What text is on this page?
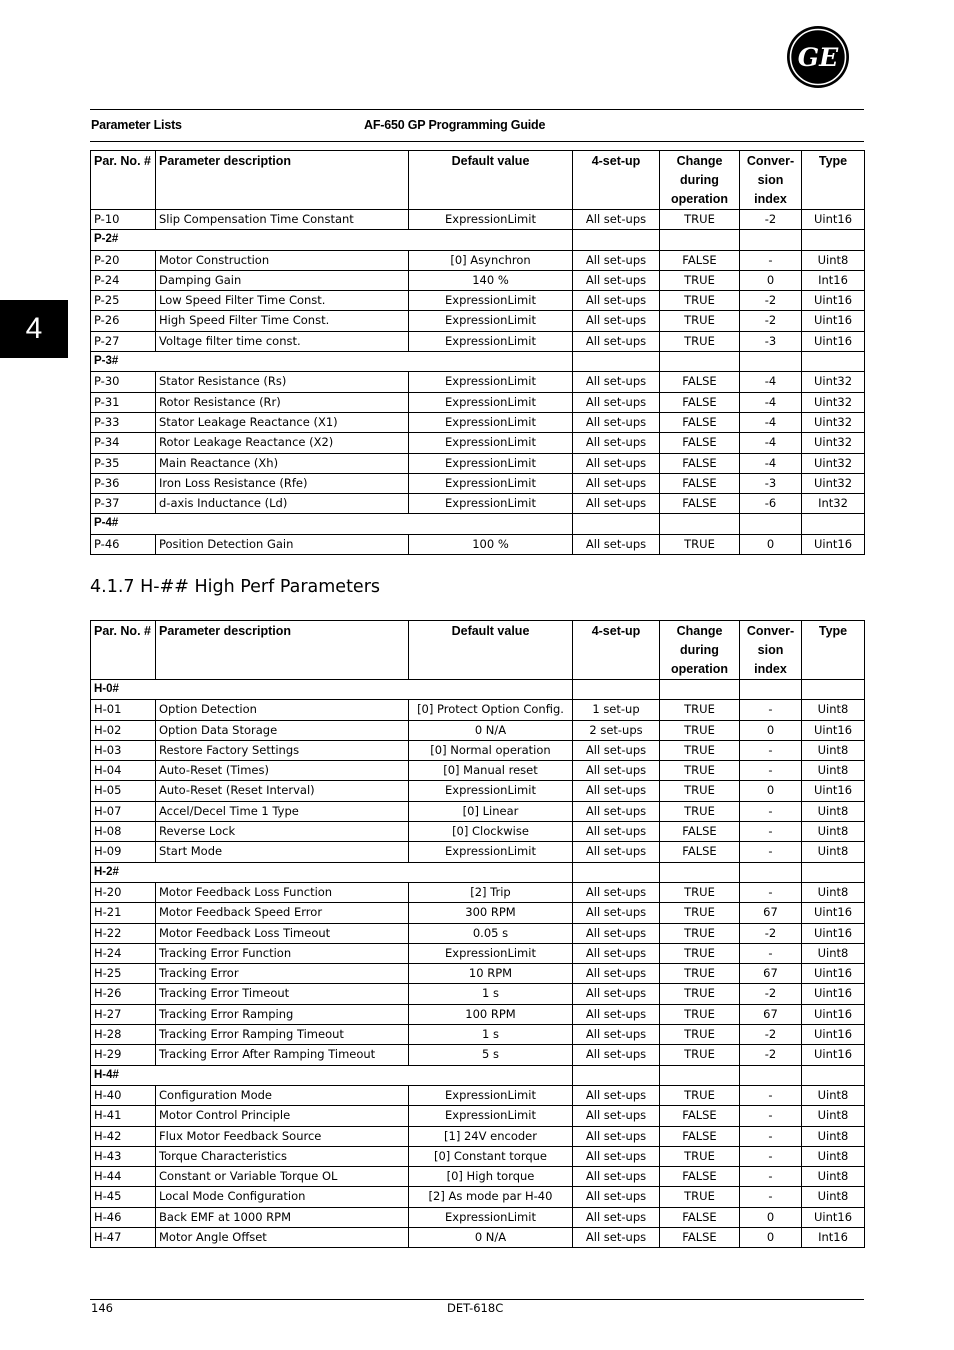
GE
Parameter Lists	AF-650 GP Programming Guide
4
Par. No. #	Parameter description	Default value	4-set-up	Change during operation	Conver-sion index	Type
P-10	Slip Compensation Time Constant	ExpressionLimit	All set-ups	TRUE	-2	Uint16
P-2#						
P-20	Motor Construction	[0] Asynchron	All set-ups	FALSE	-	Uint8
P-24	Damping Gain	140 %	All set-ups	TRUE	0	Int16
P-25	Low Speed Filter Time Const.	ExpressionLimit	All set-ups	TRUE	-2	Uint16
P-26	High Speed Filter Time Const.	ExpressionLimit	All set-ups	TRUE	-2	Uint16
P-27	Voltage filter time const.	ExpressionLimit	All set-ups	TRUE	-3	Uint16
P-3#						
P-30	Stator Resistance (Rs)	ExpressionLimit	All set-ups	FALSE	-4	Uint32
P-31	Rotor Resistance (Rr)	ExpressionLimit	All set-ups	FALSE	-4	Uint32
P-33	Stator Leakage Reactance (X1)	ExpressionLimit	All set-ups	FALSE	-4	Uint32
P-34	Rotor Leakage Reactance (X2)	ExpressionLimit	All set-ups	FALSE	-4	Uint32
P-35	Main Reactance (Xh)	ExpressionLimit	All set-ups	FALSE	-4	Uint32
P-36	Iron Loss Resistance (Rfe)	ExpressionLimit	All set-ups	FALSE	-3	Uint32
P-37	d-axis Inductance (Ld)	ExpressionLimit	All set-ups	FALSE	-6	Int32
P-4#						
P-46	Position Detection Gain	100 %	All set-ups	TRUE	0	Uint16
4.1.7 H-## High Perf Parameters
Par. No. #	Parameter description	Default value	4-set-up	Change during operation	Conver-sion index	Type
H-0#						
H-01	Option Detection	[0] Protect Option Config.	1 set-up	TRUE	-	Uint8
H-02	Option Data Storage	0 N/A	2 set-ups	TRUE	0	Uint16
H-03	Restore Factory Settings	[0] Normal operation	All set-ups	TRUE	-	Uint8
H-04	Auto-Reset (Times)	[0] Manual reset	All set-ups	TRUE	-	Uint8
H-05	Auto-Reset (Reset Interval)	ExpressionLimit	All set-ups	TRUE	0	Uint16
H-07	Accel/Decel Time 1 Type	[0] Linear	All set-ups	TRUE	-	Uint8
H-08	Reverse Lock	[0] Clockwise	All set-ups	FALSE	-	Uint8
H-09	Start Mode	ExpressionLimit	All set-ups	FALSE	-	Uint8
H-2#						
H-20	Motor Feedback Loss Function	[2] Trip	All set-ups	TRUE	-	Uint8
H-21	Motor Feedback Speed Error	300 RPM	All set-ups	TRUE	67	Uint16
H-22	Motor Feedback Loss Timeout	0.05 s	All set-ups	TRUE	-2	Uint16
H-24	Tracking Error Function	ExpressionLimit	All set-ups	TRUE	-	Uint8
H-25	Tracking Error	10 RPM	All set-ups	TRUE	67	Uint16
H-26	Tracking Error Timeout	1 s	All set-ups	TRUE	-2	Uint16
H-27	Tracking Error Ramping	100 RPM	All set-ups	TRUE	67	Uint16
H-28	Tracking Error Ramping Timeout	1 s	All set-ups	TRUE	-2	Uint16
H-29	Tracking Error After Ramping Timeout	5 s	All set-ups	TRUE	-2	Uint16
H-4#						
H-40	Configuration Mode	ExpressionLimit	All set-ups	TRUE	-	Uint8
H-41	Motor Control Principle	ExpressionLimit	All set-ups	FALSE	-	Uint8
H-42	Flux Motor Feedback Source	[1] 24V encoder	All set-ups	FALSE	-	Uint8
H-43	Torque Characteristics	[0] Constant torque	All set-ups	TRUE	-	Uint8
H-44	Constant or Variable Torque OL	[0] High torque	All set-ups	FALSE	-	Uint8
H-45	Local Mode Configuration	[2] As mode par H-40	All set-ups	TRUE	-	Uint8
H-46	Back EMF at 1000 RPM	ExpressionLimit	All set-ups	FALSE	0	Uint16
H-47	Motor Angle Offset	0 N/A	All set-ups	FALSE	0	Int16
146	DET-618C
